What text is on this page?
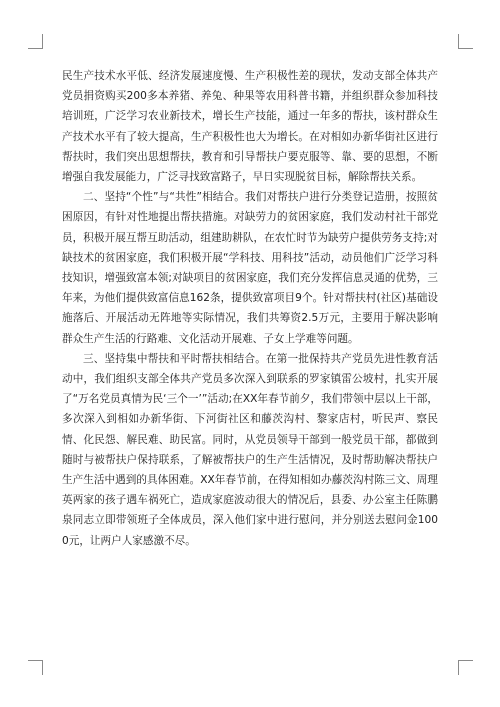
民生产技术水平低、经济发展速度慢、生产积极性差的现状，发动支部全体共产党员捐资购买200多本养猪、养兔、种果等农用科普书籍，并组织群众参加科技培训班，广泛学习农业新技术，增长生产技能，通过一年多的帮扶，该村群众生产技术水平有了较大提高，生产积极性也大为增长。在对相如办新华街社区进行帮扶时，我们突出思想帮扶，教育和引导帮扶户要克服等、靠、要的思想，不断增强自我发展能力，广泛寻找致富路子，早日实现脱贫目标，解除帮扶关系。

二、坚持“个性”与“共性”相结合。我们对帮扶户进行分类登记造册，按照贫困原因，有针对性地提出帮扶措施。对缺劳力的贫困家庭，我们发动村社干部党员，积极开展互帮互助活动，组建助耕队，在农忙时节为缺劳户提供劳务支持;对缺技术的贫困家庭，我们积极开展“学科技、用科技”活动，动员他们广泛学习科技知识，增强致富本领;对缺项目的贫困家庭，我们充分发挥信息灵通的优势，三年来，为他们提供致富信息162条，提供致富项目9个。针对帮扶村(社区)基础设施落后、开展活动无阵地等实际情况，我们共筹资2.5万元，主要用于解决影响群众生产生活的行路难、文化活动开展难、子女上学难等问题。

三、坚持集中帮扶和平时帮扶相结合。在第一批保持共产党员先进性教育活动中，我们组织支部全体共产党员多次深入到联系的罗家镇雷公坡村，扎实开展了“万名党员真情为民‘三个一’”活动;在XX年春节前夕，我们带领中层以上干部，多次深入到相如办新华街、下河街社区和藤茨沟村、黎家店村，听民声、察民情、化民怨、解民难、助民富。同时，从党员领导干部到一般党员干部，都做到随时与被帮扶户保持联系，了解被帮扶户的生产生活情况，及时帮助解决帮扶户生产生活中遇到的具体困难。XX年春节前，在得知相如办藤茨沟村陈三文、周理英两家的孩子遇车祸死亡，造成家庭波动很大的情况后，县委、办公室主任陈鹏泉同志立即带领班子全体成员，深入他们家中进行慰问，并分别送去慰问金1000元，让两户人家感激不尽。
